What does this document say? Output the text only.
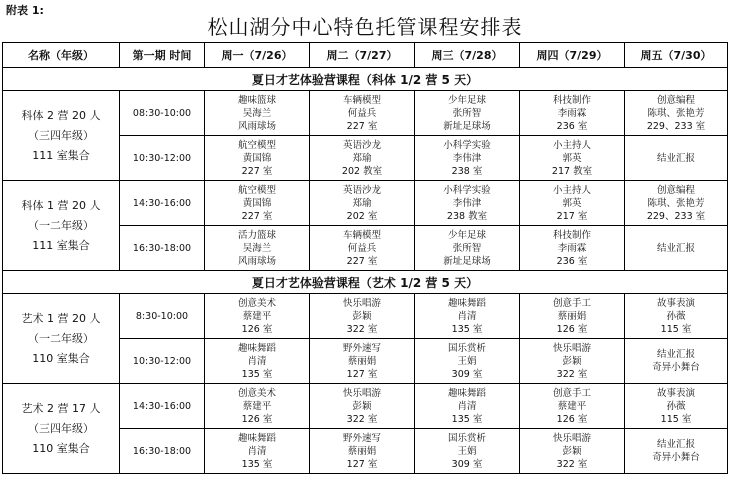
附表 1:
松山湖分中心特色托管课程安排表
名称（年级）	第一期 时间	周一（7/26）	周二（7/27）	周三（7/28）	周四（7/29）	周五（7/30）
夏日才艺体验营课程（科体 1/2 营 5 天）						

科体 2 营 20 人
（三四年级）
111 室集合	08:30-10:00	趣味篮球
吴海兰
风雨球场	车辆模型
何益兵
227 室	少年足球
张所智
新址足球场	科技制作
李雨霖
236 室	创意编程
陈琪、张艳芳
229、233 室

	10:30-12:00	航空模型
黄国锦
227 室	英语沙龙
郑瑜
202 教室	小科学实验
李伟津
238 室	小主持人
郭英
217 教室	结业汇报

科体 1 营 20 人
（一二年级）
111 室集合	14:30-16:00	航空模型
黄国锦
227 室	英语沙龙
郑瑜
202 室	小科学实验
李伟津
238 教室	小主持人
郭英
217 室	创意编程
陈琪、张艳芳
229、233 室

	16:30-18:00	活力篮球
吴海兰
风雨球场	车辆模型
何益兵
227 室	少年足球
张所智
新址足球场	科技制作
李雨霖
236 室	结业汇报

夏日才艺体验营课程（艺术 1/2 营 5 天）						

艺术 1 营 20 人
（一二年级）
110 室集合	8:30-10:00	创意美术
蔡建平
126 室	快乐唱游
彭颖
322 室	趣味舞蹈
肖清
135 室	创意手工
蔡丽娟
126 室	故事表演
孙薇
115 室

	10:30-12:00	趣味舞蹈
肖清
135 室	野外速写
蔡丽娟
127 室	国乐赏析
王娟
309 室	快乐唱游
彭颖
322 室	结业汇报
奇异小舞台

艺术 2 营 17 人
（三四年级）
110 室集合	14:30-16:00	创意美术
蔡建平
126 室	快乐唱游
彭颖
322 室	趣味舞蹈
肖清
135 室	创意手工
蔡建平
126 室	故事表演
孙薇
115 室

	16:30-18:00	趣味舞蹈
肖清
135 室	野外速写
蔡丽娟
127 室	国乐赏析
王娟
309 室	快乐唱游
彭颖
322 室	结业汇报
奇异小舞台
